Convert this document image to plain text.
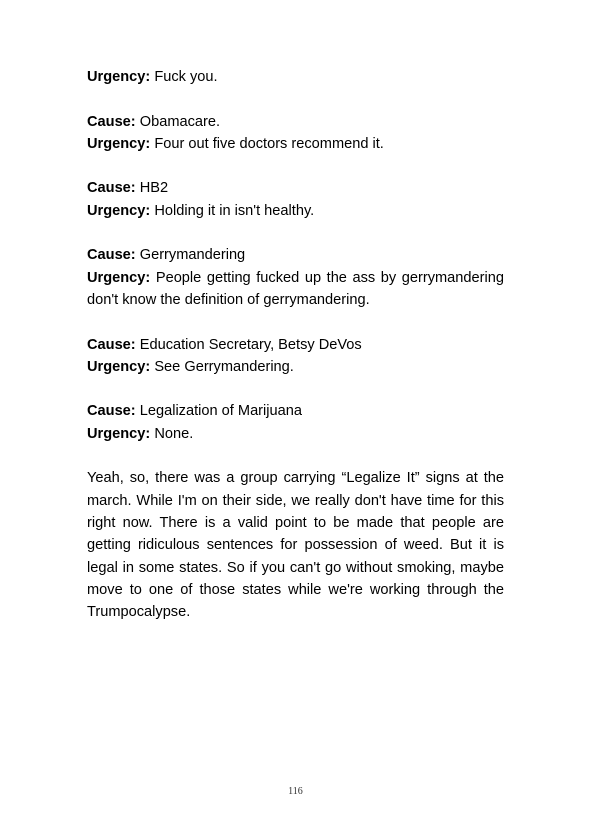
Urgency: Fuck you.
Cause: Obamacare.
Urgency: Four out five doctors recommend it.
Cause: HB2
Urgency: Holding it in isn't healthy.
Cause: Gerrymandering
Urgency: People getting fucked up the ass by gerrymandering don't know the definition of gerrymandering.
Cause: Education Secretary, Betsy DeVos
Urgency: See Gerrymandering.
Cause: Legalization of Marijuana
Urgency: None.

Yeah, so, there was a group carrying “Legalize It” signs at the march. While I'm on their side, we really don't have time for this right now. There is a valid point to be made that people are getting ridiculous sentences for possession of weed. But it is legal in some states. So if you can't go without smoking, maybe move to one of those states while we're working through the Trumpocalypse.

116
